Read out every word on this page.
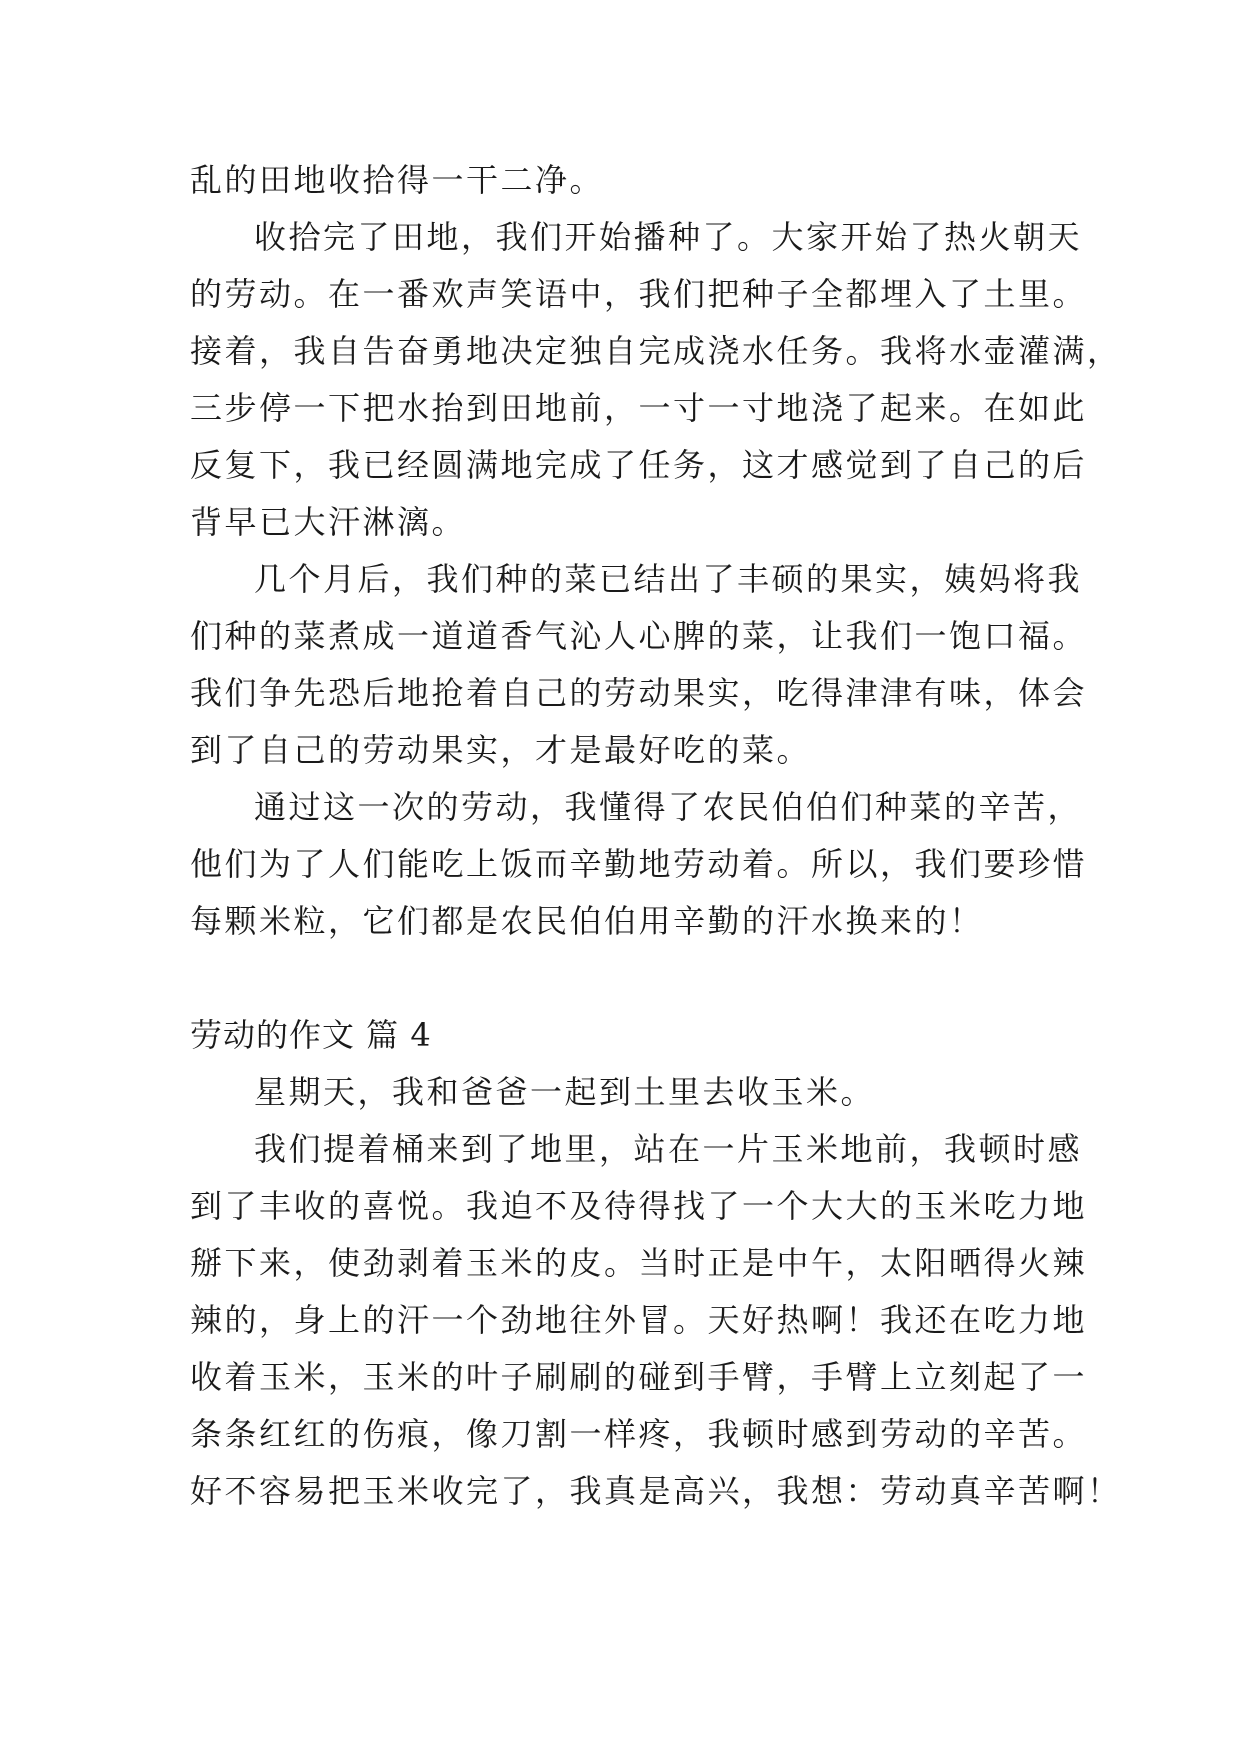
乱的田地收拾得一干二净。
收拾完了田地，我们开始播种了。大家开始了热火朝天
的劳动。在一番欢声笑语中，我们把种子全都埋入了土里。
接着，我自告奋勇地决定独自完成浇水任务。我将水壶灌满，
三步停一下把水抬到田地前，一寸一寸地浇了起来。在如此
反复下，我已经圆满地完成了任务，这才感觉到了自己的后
背早已大汗淋漓。
几个月后，我们种的菜已结出了丰硕的果实，姨妈将我
们种的菜煮成一道道香气沁人心脾的菜，让我们一饱口福。
我们争先恐后地抢着自己的劳动果实，吃得津津有味，体会
到了自己的劳动果实，才是最好吃的菜。
通过这一次的劳动，我懂得了农民伯伯们种菜的辛苦，
他们为了人们能吃上饭而辛勤地劳动着。所以，我们要珍惜
每颗米粒，它们都是农民伯伯用辛勤的汗水换来的！
劳动的作文 篇 4
星期天，我和爸爸一起到土里去收玉米。
我们提着桶来到了地里，站在一片玉米地前，我顿时感
到了丰收的喜悦。我迫不及待得找了一个大大的玉米吃力地
掰下来，使劲剥着玉米的皮。当时正是中午，太阳晒得火辣
辣的，身上的汗一个劲地往外冒。天好热啊！我还在吃力地
收着玉米，玉米的叶子刷刷的碰到手臂，手臂上立刻起了一
条条红红的伤痕，像刀割一样疼，我顿时感到劳动的辛苦。
好不容易把玉米收完了，我真是高兴，我想：劳动真辛苦啊！
